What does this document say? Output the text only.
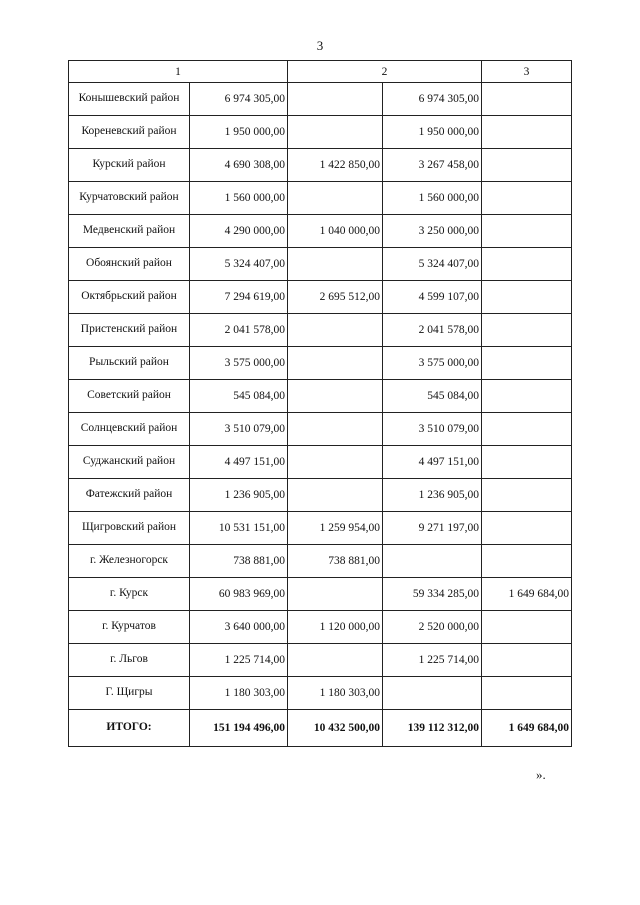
3
1		2		3
Конышевский район	6 974 305,00		6 974 305,00	
Кореневский район	1 950 000,00		1 950 000,00	
Курский район	4 690 308,00	1 422 850,00	3 267 458,00	
Курчатовский район	1 560 000,00		1 560 000,00	
Медвенский район	4 290 000,00	1 040 000,00	3 250 000,00	
Обоянский район	5 324 407,00		5 324 407,00	
Октябрьский район	7 294 619,00	2 695 512,00	4 599 107,00	
Пристенский район	2 041 578,00		2 041 578,00	
Рыльский район	3 575 000,00		3 575 000,00	
Советский район	545 084,00		545 084,00	
Солнцевский район	3 510 079,00		3 510 079,00	
Суджанский район	4 497 151,00		4 497 151,00	
Фатежский район	1 236 905,00		1 236 905,00	
Щигровский район	10 531 151,00	1 259 954,00	9 271 197,00	
г. Железногорск	738 881,00	738 881,00		
г. Курск	60 983 969,00		59 334 285,00	1 649 684,00
г. Курчатов	3 640 000,00	1 120 000,00	2 520 000,00	
г. Льгов	1 225 714,00		1 225 714,00	
Г. Щигры	1 180 303,00	1 180 303,00		
ИТОГО:	151 194 496,00	10 432 500,00	139 112 312,00	1 649 684,00
».
